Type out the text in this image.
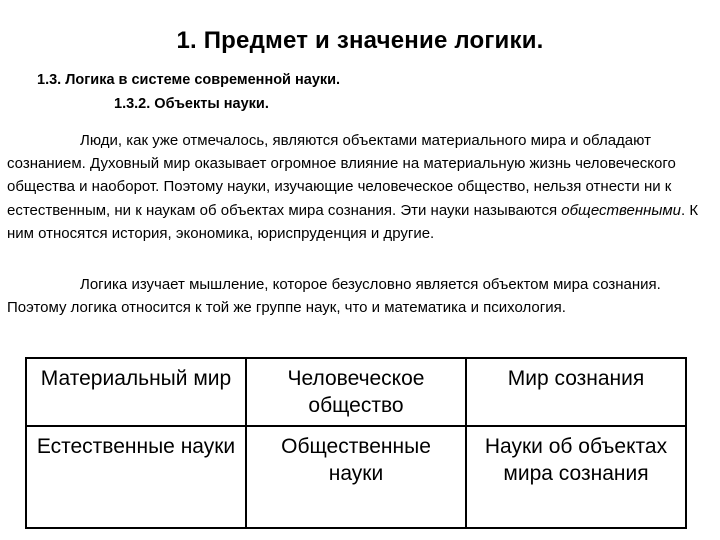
1. Предмет и значение логики.
1.3. Логика в системе современной науки.
1.3.2. Объекты науки.

Люди, как уже отмечалось, являются объектами материального мира и обладают сознанием. Духовный мир оказывает огромное влияние на материальную жизнь человеческого общества и наоборот. Поэтому науки, изучающие человеческое общество, нельзя отнести ни к естественным, ни к наукам об объектах мира сознания. Эти науки называются общественными. К ним относятся история, экономика, юриспруденция и другие.

Логика изучает мышление, которое безусловно является объектом мира сознания. Поэтому логика относится к той же группе наук, что и математика и психология.

Материальный мир	Человеческое общество	Мир сознания
Естественные науки	Общественные науки	Науки об объектах мира сознания
